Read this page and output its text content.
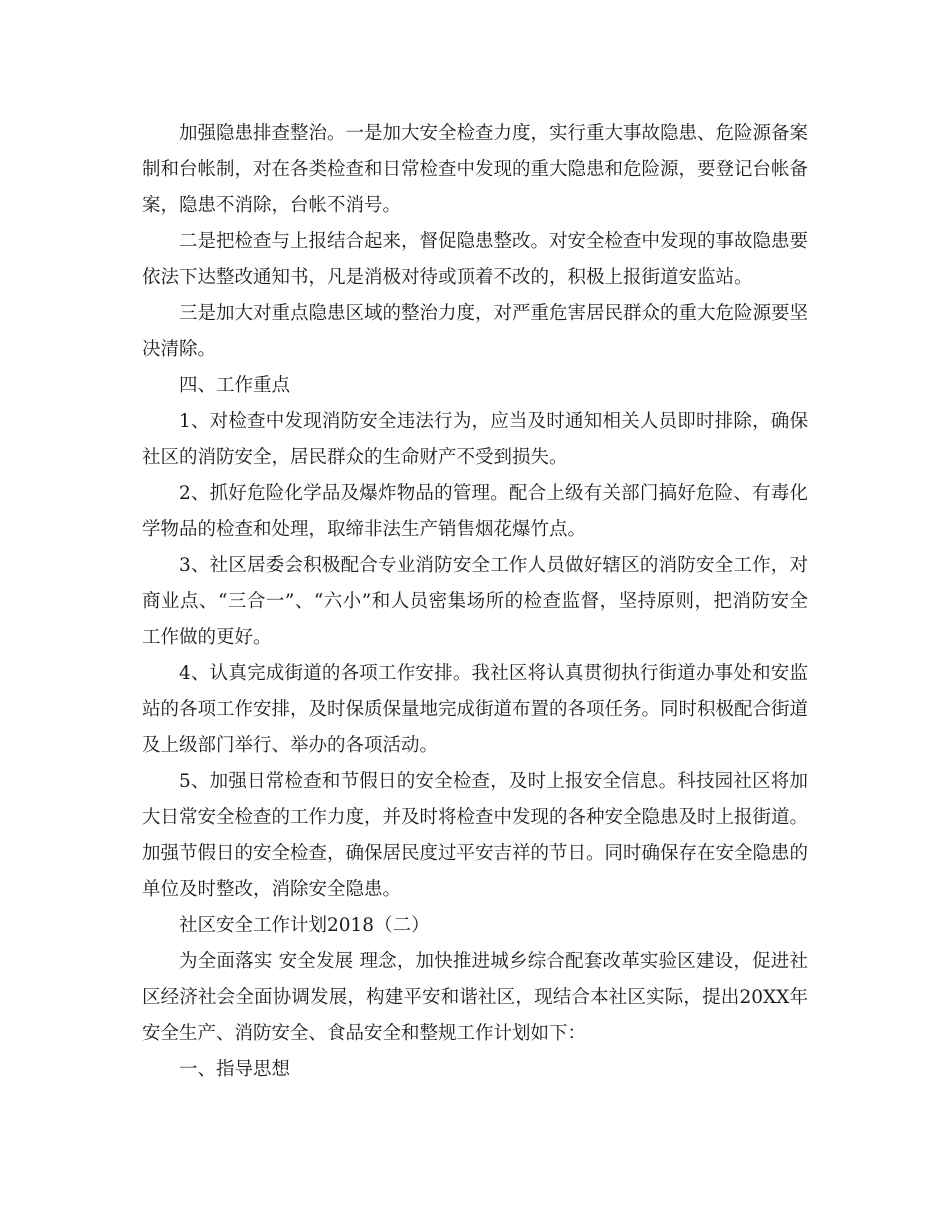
加强隐患排查整治。一是加大安全检查力度，实行重大事故隐患、危险源备案制和台帐制，对在各类检查和日常检查中发现的重大隐患和危险源，要登记台帐备案，隐患不消除，台帐不消号。

二是把检查与上报结合起来，督促隐患整改。对安全检查中发现的事故隐患要依法下达整改通知书，凡是消极对待或顶着不改的，积极上报街道安监站。

三是加大对重点隐患区域的整治力度，对严重危害居民群众的重大危险源要坚决清除。

四、工作重点

1、对检查中发现消防安全违法行为，应当及时通知相关人员即时排除，确保社区的消防安全，居民群众的生命财产不受到损失。

2、抓好危险化学品及爆炸物品的管理。配合上级有关部门搞好危险、有毒化学物品的检查和处理，取缔非法生产销售烟花爆竹点。

3、社区居委会积极配合专业消防安全工作人员做好辖区的消防安全工作，对商业点、“三合一”、“六小”和人员密集场所的检查监督，坚持原则，把消防安全工作做的更好。

4、认真完成街道的各项工作安排。我社区将认真贯彻执行街道办事处和安监站的各项工作安排，及时保质保量地完成街道布置的各项任务。同时积极配合街道及上级部门举行、举办的各项活动。

5、加强日常检查和节假日的安全检查，及时上报安全信息。科技园社区将加大日常安全检查的工作力度，并及时将检查中发现的各种安全隐患及时上报街道。加强节假日的安全检查，确保居民度过平安吉祥的节日。同时确保存在安全隐患的单位及时整改，消除安全隐患。

社区安全工作计划2018（二）

为全面落实 安全发展 理念，加快推进城乡综合配套改革实验区建设，促进社区经济社会全面协调发展，构建平安和谐社区，现结合本社区实际，提出20XX年安全生产、消防安全、食品安全和整规工作计划如下：

一、指导思想
